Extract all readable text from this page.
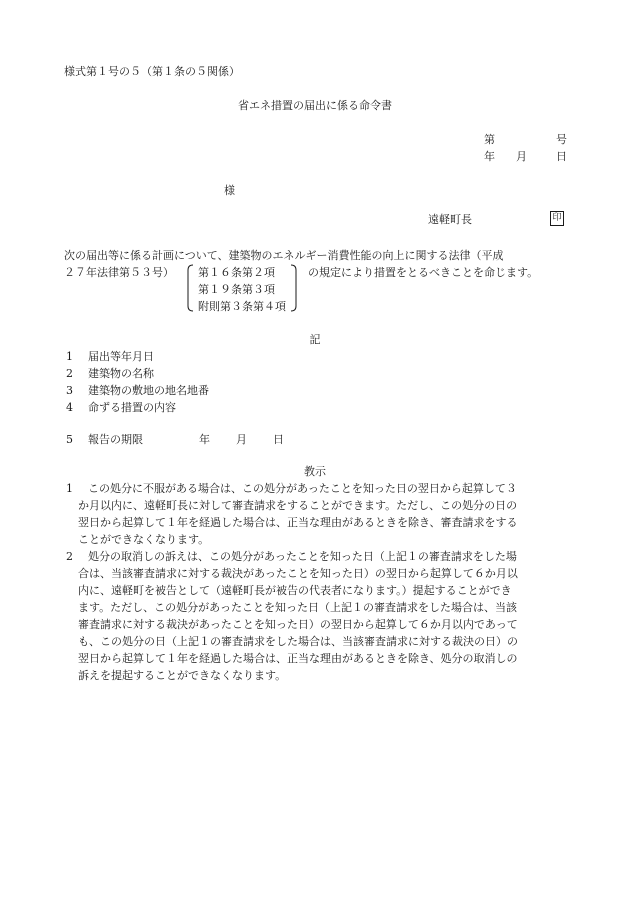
様式第１号の５（第１条の５関係）
省エネ措置の届出に係る命令書
第	号
年 月	日
様
遠軽町長	印
次の届出等に係る計画について、建築物のエネルギー消費性能の向上に関する法律（平成
２７年法律第５３号） 第１６条第２項
第１９条第３項
附則第３条第４項
の規定により措置をとるべきことを命じます。
記
1 届出等年月日
2 建築物の名称
3 建築物の敷地の地名地番
4 命ずる措置の内容
5 報告の期限	年 月 日
教示
1 この処分に不服がある場合は、この処分があったことを知った日の翌日から起算して３
か月以内に、遠軽町長に対して審査請求をすることができます。ただし、この処分の日の
翌日から起算して１年を経過した場合は、正当な理由があるときを除き、審査請求をする
ことができなくなります。
2 処分の取消しの訴えは、この処分があったことを知った日（上記１の審査請求をした場
合は、当該審査請求に対する裁決があったことを知った日）の翌日から起算して６か月以
内に、遠軽町を被告として（遠軽町長が被告の代表者になります。）提起することができ
ます。ただし、この処分があったことを知った日（上記１の審査請求をした場合は、当該
審査請求に対する裁決があったことを知った日）の翌日から起算して６か月以内であって
も、この処分の日（上記１の審査請求をした場合は、当該審査請求に対する裁決の日）の
翌日から起算して１年を経過した場合は、正当な理由があるときを除き、処分の取消しの
訴えを提起することができなくなります。
